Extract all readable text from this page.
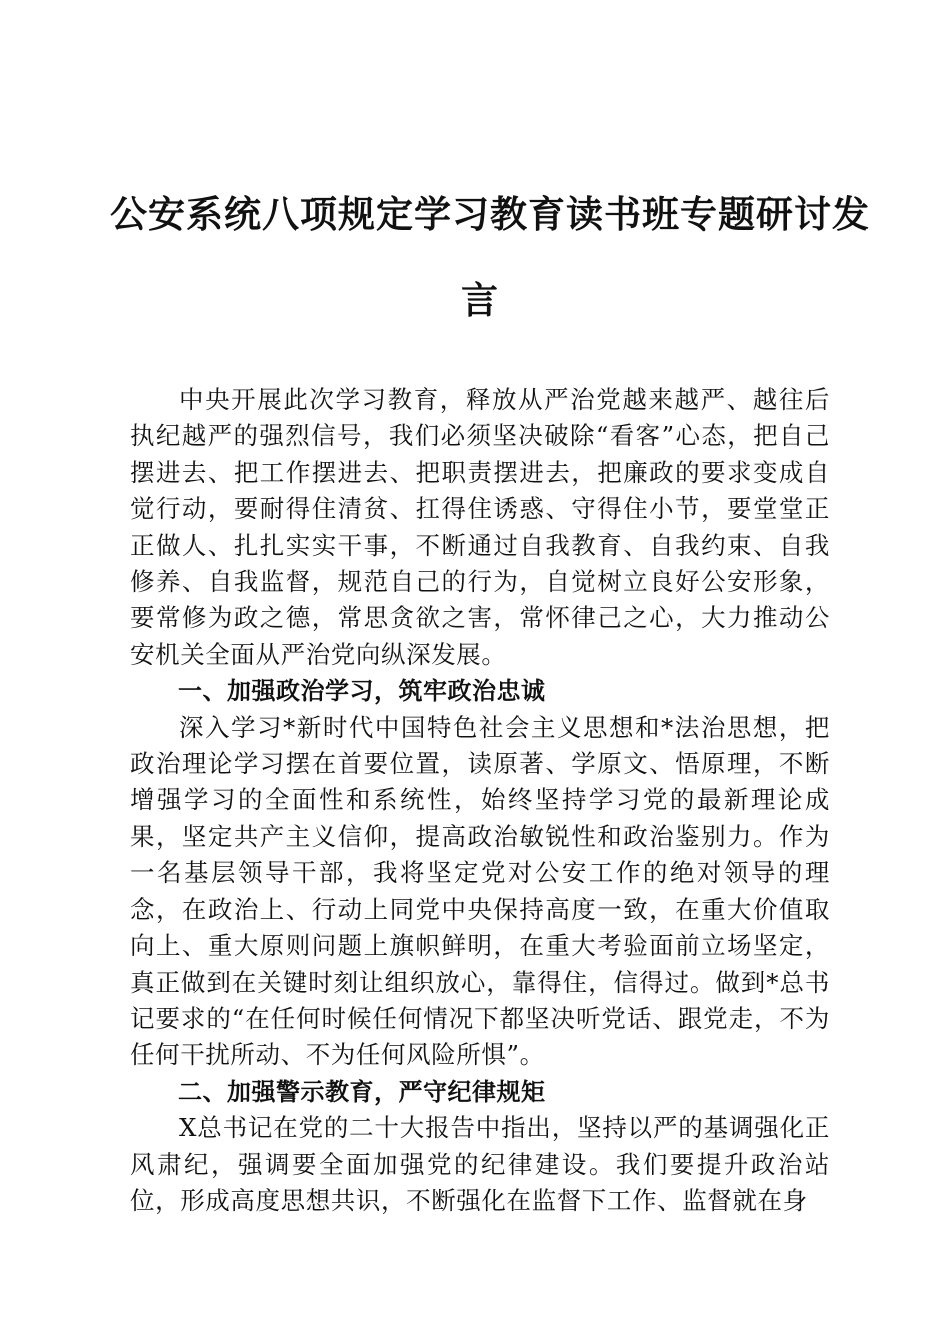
公安系统八项规定学习教育读书班专题研讨发
言

中央开展此次学习教育，释放从严治党越来越严、越往后执纪越严的强烈信号，我们必须坚决破除“看客”心态，把自己摆进去、把工作摆进去、把职责摆进去，把廉政的要求变成自觉行动，要耐得住清贫、扛得住诱惑、守得住小节，要堂堂正正做人、扎扎实实干事，不断通过自我教育、自我约束、自我修养、自我监督，规范自己的行为，自觉树立良好公安形象，要常修为政之德，常思贪欲之害，常怀律己之心，大力推动公安机关全面从严治党向纵深发展。

一、加强政治学习，筑牢政治忠诚

深入学习*新时代中国特色社会主义思想和*法治思想，把政治理论学习摆在首要位置，读原著、学原文、悟原理，不断增强学习的全面性和系统性，始终坚持学习党的最新理论成果，坚定共产主义信仰，提高政治敏锐性和政治鉴别力。作为一名基层领导干部，我将坚定党对公安工作的绝对领导的理念，在政治上、行动上同党中央保持高度一致，在重大价值取向上、重大原则问题上旗帜鲜明，在重大考验面前立场坚定，真正做到在关键时刻让组织放心，靠得住，信得过。做到*总书记要求的“在任何时候任何情况下都坚决听党话、跟党走，不为任何干扰所动、不为任何风险所惧”。

二、加强警示教育，严守纪律规矩

X总书记在党的二十大报告中指出，坚持以严的基调强化正风肃纪，强调要全面加强党的纪律建设。我们要提升政治站位，形成高度思想共识，不断强化在监督下工作、监督就在身
